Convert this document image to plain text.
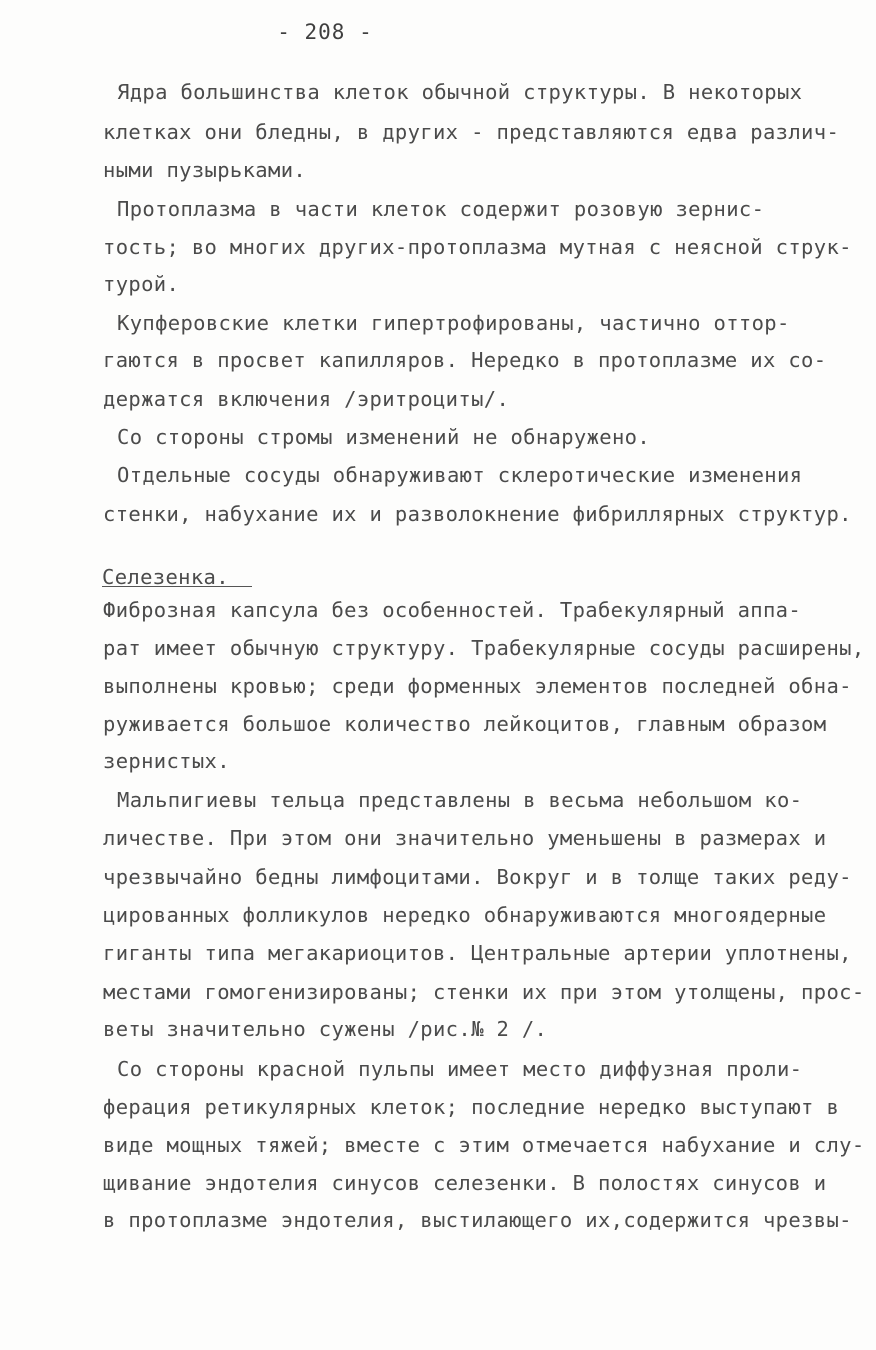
- 208 -
Ядра большинства клеток обычной структуры. В некоторых
клетках они бледны, в других - представляются едва различ-
ными пузырьками.
Протоплазма в части клеток содержит розовую зернис-
тость; во многих других-протоплазма мутная с неясной струк-
турой.
Купферовские клетки гипертрофированы, частично оттор-
гаются в просвет капилляров. Нередко в протоплазме их со-
держатся включения /эритроциты/.
Со стороны стромы изменений не обнаружено.
Отдельные сосуды обнаруживают склеротические изменения
стенки, набухание их и разволокнение фибриллярных структур.
Селезенка.
Фиброзная капсула без особенностей. Трабекулярный аппа-
рат имеет обычную структуру. Трабекулярные сосуды расширены,
выполнены кровью; среди форменных элементов последней обна-
руживается большое количество лейкоцитов, главным образом
зернистых.
Мальпигиевы тельца представлены в весьма небольшом ко-
личестве. При этом они значительно уменьшены в размерах и
чрезвычайно бедны лимфоцитами. Вокруг и в толще таких реду-
цированных фолликулов нередко обнаруживаются многоядерные
гиганты типа мегакариоцитов. Центральные артерии уплотнены,
местами гомогенизированы; стенки их при этом утолщены, прос-
веты значительно сужены /рис.№ 2 /.
Со стороны красной пульпы имеет место диффузная проли-
ферация ретикулярных клеток; последние нередко выступают в
виде мощных тяжей; вместе с этим отмечается набухание и слу-
щивание эндотелия синусов селезенки. В полостях синусов и
в протоплазме эндотелия, выстилающего их,содержится чрезвы-
